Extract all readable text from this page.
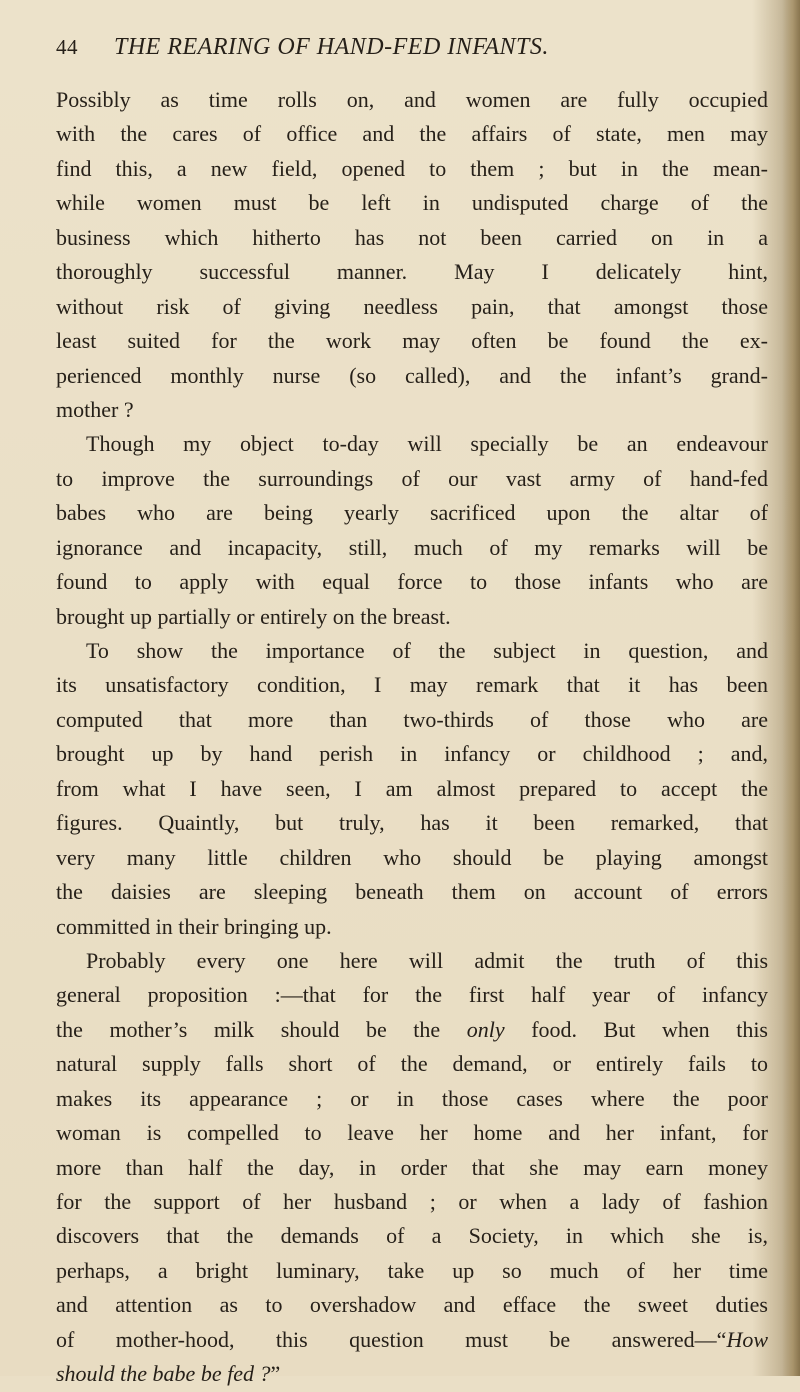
44 THE REARING OF HAND-FED INFANTS.
Possibly as time rolls on, and women are fully occupied
with the cares of office and the affairs of state, men may
find this, a new field, opened to them ; but in the mean-
while women must be left in undisputed charge of the
business which hitherto has not been carried on in a
thoroughly successful manner. May I delicately hint,
without risk of giving needless pain, that amongst those
least suited for the work may often be found the ex-
perienced monthly nurse (so called), and the infant’s grand-
mother ?
Though my object to-day will specially be an endeavour
to improve the surroundings of our vast army of hand-fed
babes who are being yearly sacrificed upon the altar of
ignorance and incapacity, still, much of my remarks will be
found to apply with equal force to those infants who are
brought up partially or entirely on the breast.
To show the importance of the subject in question, and
its unsatisfactory condition, I may remark that it has been
computed that more than two-thirds of those who are
brought up by hand perish in infancy or childhood ; and,
from what I have seen, I am almost prepared to accept the
figures. Quaintly, but truly, has it been remarked, that
very many little children who should be playing amongst
the daisies are sleeping beneath them on account of errors
committed in their bringing up.
Probably every one here will admit the truth of this
general proposition :—that for the first half year of infancy
the mother’s milk should be the only food. But when this
natural supply falls short of the demand, or entirely fails to
makes its appearance ; or in those cases where the poor
woman is compelled to leave her home and her infant, for
more than half the day, in order that she may earn money
for the support of her husband ; or when a lady of fashion
discovers that the demands of a Society, in which she is,
perhaps, a bright luminary, take up so much of her time
and attention as to overshadow and efface the sweet duties
of mother-hood, this question must be answered—“How
should the babe be fed ?”
